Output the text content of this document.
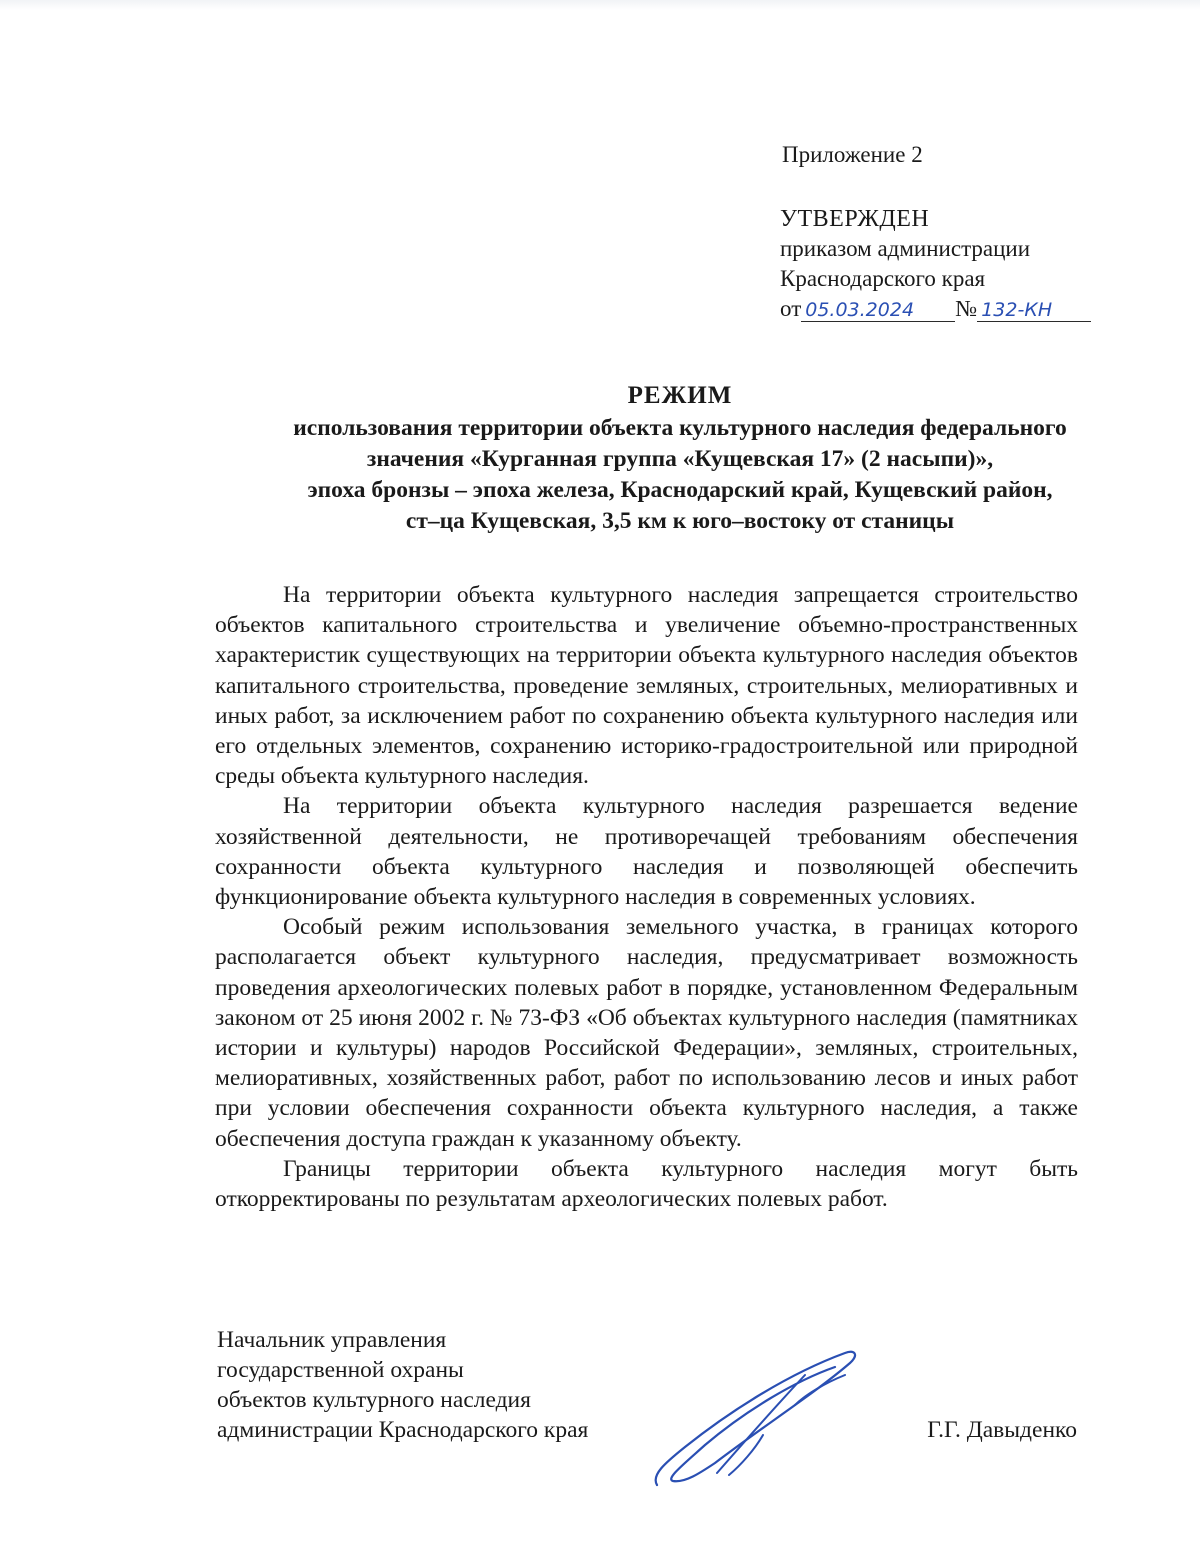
Приложение 2
УТВЕРЖДЕН
приказом администрации
Краснодарского края
от 05.03.2024 № 132-КН
РЕЖИМ
использования территории объекта культурного наследия федерального
значения «Курганная группа «Кущевская 17» (2 насыпи)»,
эпоха бронзы – эпоха железа, Краснодарский край, Кущевский район,
ст–ца Кущевская, 3,5 км к юго–востоку от станицы

На территории объекта культурного наследия запрещается строительство объектов капитального строительства и увеличение объемно-пространственных характеристик существующих на территории объекта культурного наследия объектов капитального строительства, проведение земляных, строительных, мелиоративных и иных работ, за исключением работ по сохранению объекта культурного наследия или его отдельных элементов, сохранению историко-градостроительной или природной среды объекта культурного наследия.

На территории объекта культурного наследия разрешается ведение хозяйственной деятельности, не противоречащей требованиям обеспечения сохранности объекта культурного наследия и позволяющей обеспечить функционирование объекта культурного наследия в современных условиях.

Особый режим использования земельного участка, в границах которого располагается объект культурного наследия, предусматривает возможность проведения археологических полевых работ в порядке, установленном Федеральным законом от 25 июня 2002 г. № 73-ФЗ «Об объектах культурного наследия (памятниках истории и культуры) народов Российской Федерации», земляных, строительных, мелиоративных, хозяйственных работ, работ по использованию лесов и иных работ при условии обеспечения сохранности объекта культурного наследия, а также обеспечения доступа граждан к указанному объекту.

Границы территории объекта культурного наследия могут быть откорректированы по результатам археологических полевых работ.

Начальник управления
государственной охраны
объектов культурного наследия
администрации Краснодарского края	Г.Г. Давыденко
